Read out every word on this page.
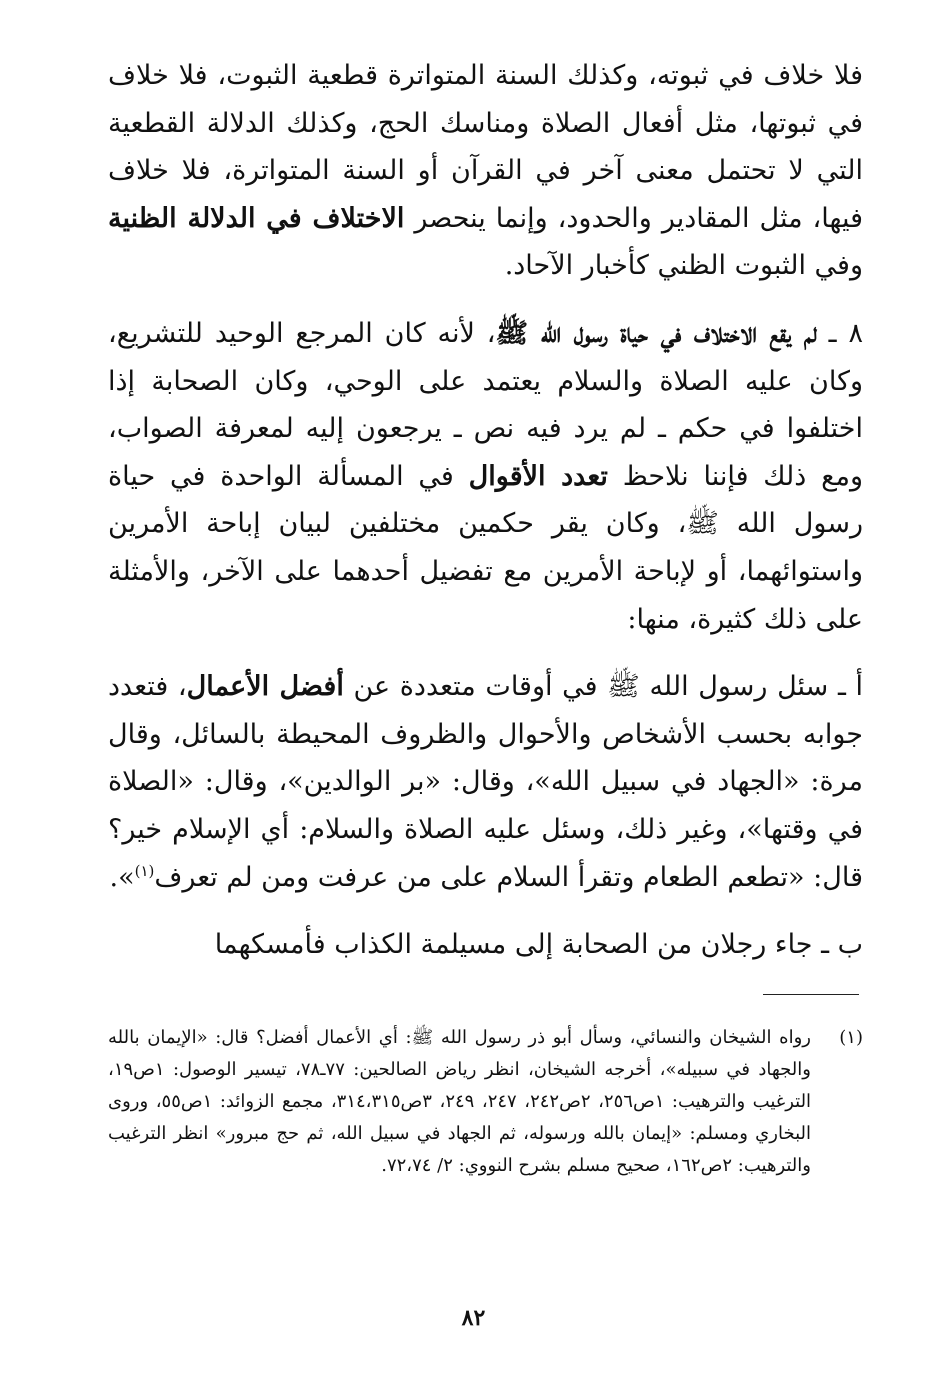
فلا خلاف في ثبوته، وكذلك السنة المتواترة قطعية الثبوت، فلا خلاف في ثبوتها، مثل أفعال الصلاة ومناسك الحج، وكذلك الدلالة القطعية التي لا تحتمل معنى آخر في القرآن أو السنة المتواترة، فلا خلاف فيها، مثل المقادير والحدود، وإنما ينحصر الاختلاف في الدلالة الظنية وفي الثبوت الظني كأخبار الآحاد.

٨ ـ لم يقع الاختلاف في حياة رسول الله ﷺ، لأنه كان المرجع الوحيد للتشريع، وكان عليه الصلاة والسلام يعتمد على الوحي، وكان الصحابة إذا اختلفوا في حكم ـ لم يرد فيه نص ـ يرجعون إليه لمعرفة الصواب، ومع ذلك فإننا نلاحظ تعدد الأقوال في المسألة الواحدة في حياة رسول الله ﷺ، وكان يقر حكمين مختلفين لبيان إباحة الأمرين واستوائهما، أو لإباحة الأمرين مع تفضيل أحدهما على الآخر، والأمثلة على ذلك كثيرة، منها:

أ ـ سئل رسول الله ﷺ في أوقات متعددة عن أفضل الأعمال، فتعدد جوابه بحسب الأشخاص والأحوال والظروف المحيطة بالسائل، وقال مرة: «الجهاد في سبيل الله»، وقال: «بر الوالدين»، وقال: «الصلاة في وقتها»، وغير ذلك، وسئل عليه الصلاة والسلام: أي الإسلام خير؟ قال: «تطعم الطعام وتقرأ السلام على من عرفت ومن لم تعرف$^{(١)}$».

ب ـ جاء رجلان من الصحابة إلى مسيلمة الكذاب فأمسكهما

(١)
رواه الشيخان والنسائي، وسأل أبو ذر رسول الله ﷺ: أي الأعمال أفضل؟ قال: «الإيمان بالله والجهاد في سبيله»، أخرجه الشيخان، انظر رياض الصالحين: ٧٧ـ٧٨، تيسير الوصول: ١ص١٩، الترغيب والترهيب: ١ص٢٥٦، ٢ص٢٤٢، ٢٤٧، ٢٤٩، ٣ص٣١٤،٣١٥، مجمع الزوائد: ١ص٥٥، وروى البخاري ومسلم: «إيمان بالله ورسوله، ثم الجهاد في سبيل الله، ثم حج مبرور» انظر الترغيب والترهيب: ٢ص١٦٢، صحيح مسلم بشرح النووي: ٢/ ٧٢،٧٤.

٨٢
